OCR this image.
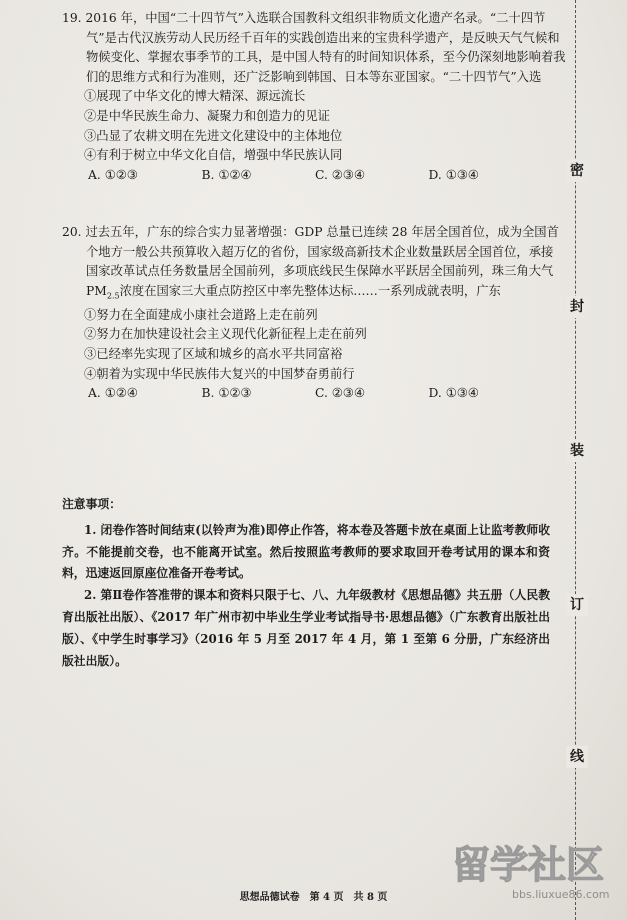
19. 2016 年，中国“二十四节气”入选联合国教科文组织非物质文化遗产名录。“二十四节

气”是古代汉族劳动人民历经千百年的实践创造出来的宝贵科学遗产，是反映天气气候和

物候变化、掌握农事季节的工具，是中国人特有的时间知识体系，至今仍深刻地影响着我

们的思维方式和行为准则，还广泛影响到韩国、日本等东亚国家。“二十四节气”入选

①展现了中华文化的博大精深、源远流长

②是中华民族生命力、凝聚力和创造力的见证

③凸显了农耕文明在先进文化建设中的主体地位

④有利于树立中华文化自信，增强中华民族认同

A. ①②③	B. ①②④	C. ②③④	D. ①③④

20. 过去五年，广东的综合实力显著增强：GDP 总量已连续 28 年居全国首位，成为全国首

个地方一般公共预算收入超万亿的省份，国家级高新技术企业数量跃居全国首位，承接

国家改革试点任务数量居全国前列，多项底线民生保障水平跃居全国前列，珠三角大气

$PM_{2.5}$浓度在国家三大重点防控区中率先整体达标……一系列成就表明，广东

①努力在全面建成小康社会道路上走在前列

②努力在加快建设社会主义现代化新征程上走在前列

③已经率先实现了区域和城乡的高水平共同富裕

④朝着为实现中华民族伟大复兴的中国梦奋勇前行

A. ①②④	B. ①②③	C. ②③④	D. ①③④

注意事项：

1. 闭卷作答时间结束(以铃声为准)即停止作答，将本卷及答题卡放在桌面上让监考教师收齐。不能提前交卷，也不能离开试室。然后按照监考教师的要求取回开卷考试用的课本和资料，迅速返回原座位准备开卷考试。

2. 第Ⅱ卷作答准带的课本和资料只限于七、八、九年级教材《思想品德》共五册（人民教育出版社出版）、《2017 年广州市初中毕业生学业考试指导书·思想品德》（广东教育出版社出版）、《中学生时事学习》（2016 年 5 月至 2017 年 4 月，第 1 至第 6 分册，广东经济出版社出版）。

密
封
装
订
线
思想品德试卷　第 4 页　共 8 页
留学社区
bbs.liuxue86.com
